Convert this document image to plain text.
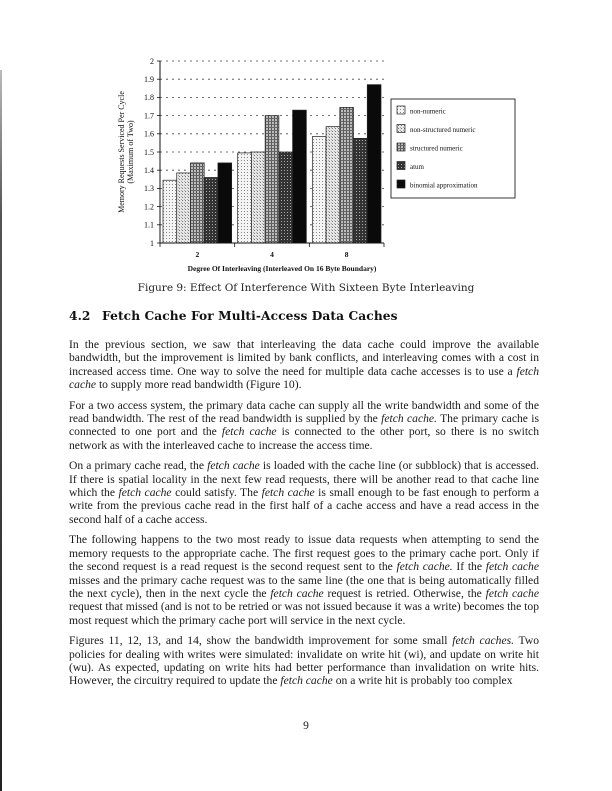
1
1.1
1.2
1.3
1.4
1.5
1.6
1.7
1.8
1.9
2
2	4	8
Memory Requests Serviced Per Cycle (Maximum of Two)
Degree Of Interleaving (Interleaved On 16 Byte Boundary)
non-numeric
non-structured numeric
structured numeric
atum
binomial approximation
Figure 9: Effect Of Interference With Sixteen Byte Interleaving
4.2 Fetch Cache For Multi-Access Data Caches

In the previous section, we saw that interleaving the data cache could improve the available bandwidth, but the improvement is limited by bank conflicts, and interleaving comes with a cost in increased access time. One way to solve the need for multiple data cache accesses is to use a fetch cache to supply more read bandwidth (Figure 10).

For a two access system, the primary data cache can supply all the write bandwidth and some of the read bandwidth. The rest of the read bandwidth is supplied by the fetch cache. The primary cache is connected to one port and the fetch cache is connected to the other port, so there is no switch network as with the interleaved cache to increase the access time.

On a primary cache read, the fetch cache is loaded with the cache line (or subblock) that is accessed. If there is spatial locality in the next few read requests, there will be another read to that cache line which the fetch cache could satisfy. The fetch cache is small enough to be fast enough to perform a write from the previous cache read in the first half of a cache access and have a read access in the second half of a cache access.

The following happens to the two most ready to issue data requests when attempting to send the memory requests to the appropriate cache. The first request goes to the primary cache port. Only if the second request is a read request is the second request sent to the fetch cache. If the fetch cache misses and the primary cache request was to the same line (the one that is being automatically filled the next cycle), then in the next cycle the fetch cache request is retried. Otherwise, the fetch cache request that missed (and is not to be retried or was not issued because it was a write) becomes the top most request which the primary cache port will service in the next cycle.

Figures 11, 12, 13, and 14, show the bandwidth improvement for some small fetch caches. Two policies for dealing with writes were simulated: invalidate on write hit (wi), and update on write hit (wu). As expected, updating on write hits had better performance than invalidation on write hits. However, the circuitry required to update the fetch cache on a write hit is probably too complex

9
